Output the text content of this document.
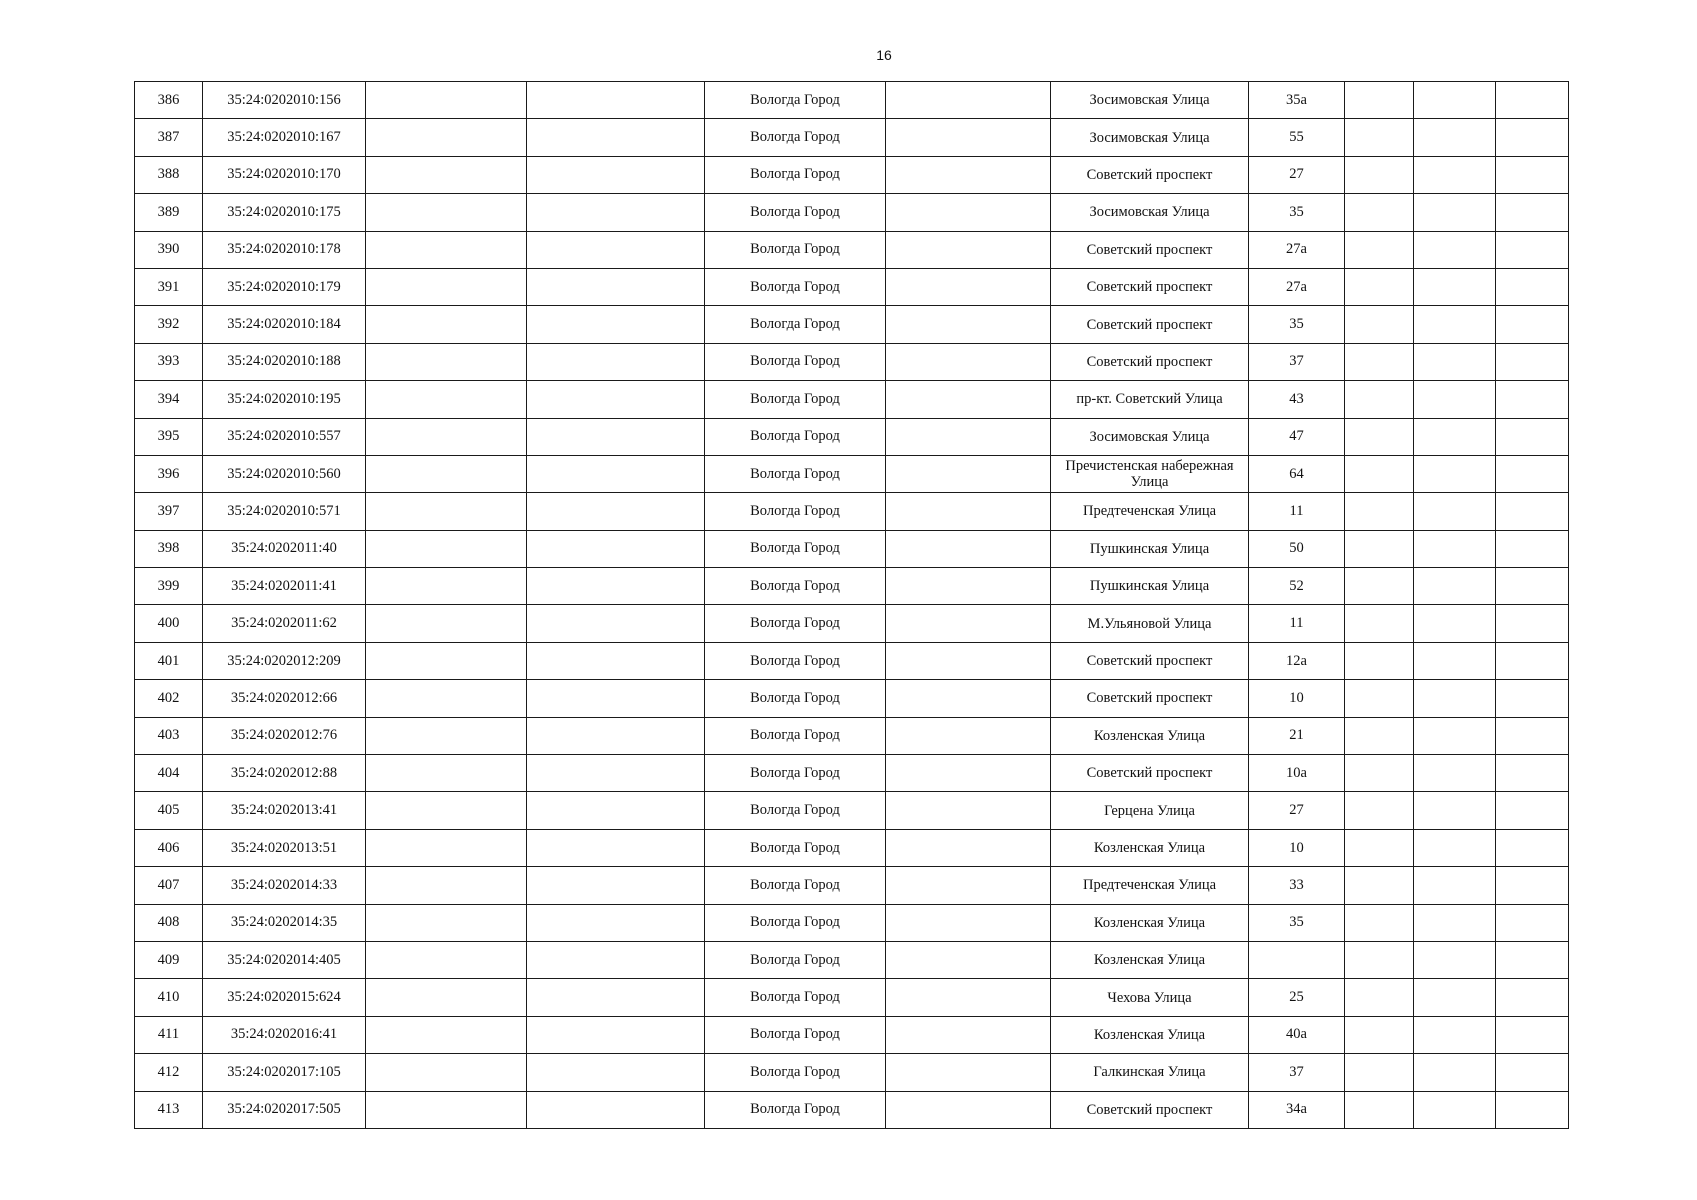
16
386	35:24:0202010:156			Вологда Город		Зосимовская Улица	35а			
387	35:24:0202010:167			Вологда Город		Зосимовская Улица	55			
388	35:24:0202010:170			Вологда Город		Советский проспект	27			
389	35:24:0202010:175			Вологда Город		Зосимовская Улица	35			
390	35:24:0202010:178			Вологда Город		Советский проспект	27а			
391	35:24:0202010:179			Вологда Город		Советский проспект	27а			
392	35:24:0202010:184			Вологда Город		Советский проспект	35			
393	35:24:0202010:188			Вологда Город		Советский проспект	37			
394	35:24:0202010:195			Вологда Город		пр-кт. Советский Улица	43			
395	35:24:0202010:557			Вологда Город		Зосимовская Улица	47			
396	35:24:0202010:560			Вологда Город		Пречистенская набережная Улица	64			
397	35:24:0202010:571			Вологда Город		Предтеченская Улица	11			
398	35:24:0202011:40			Вологда Город		Пушкинская Улица	50			
399	35:24:0202011:41			Вологда Город		Пушкинская Улица	52			
400	35:24:0202011:62			Вологда Город		М.Ульяновой Улица	11			
401	35:24:0202012:209			Вологда Город		Советский проспект	12а			
402	35:24:0202012:66			Вологда Город		Советский проспект	10			
403	35:24:0202012:76			Вологда Город		Козленская Улица	21			
404	35:24:0202012:88			Вологда Город		Советский проспект	10а			
405	35:24:0202013:41			Вологда Город		Герцена Улица	27			
406	35:24:0202013:51			Вологда Город		Козленская Улица	10			
407	35:24:0202014:33			Вологда Город		Предтеченская Улица	33			
408	35:24:0202014:35			Вологда Город		Козленская Улица	35			
409	35:24:0202014:405			Вологда Город		Козленская Улица				
410	35:24:0202015:624			Вологда Город		Чехова Улица	25			
411	35:24:0202016:41			Вологда Город		Козленская Улица	40а			
412	35:24:0202017:105			Вологда Город		Галкинская Улица	37			
413	35:24:0202017:505			Вологда Город		Советский проспект	34а			
